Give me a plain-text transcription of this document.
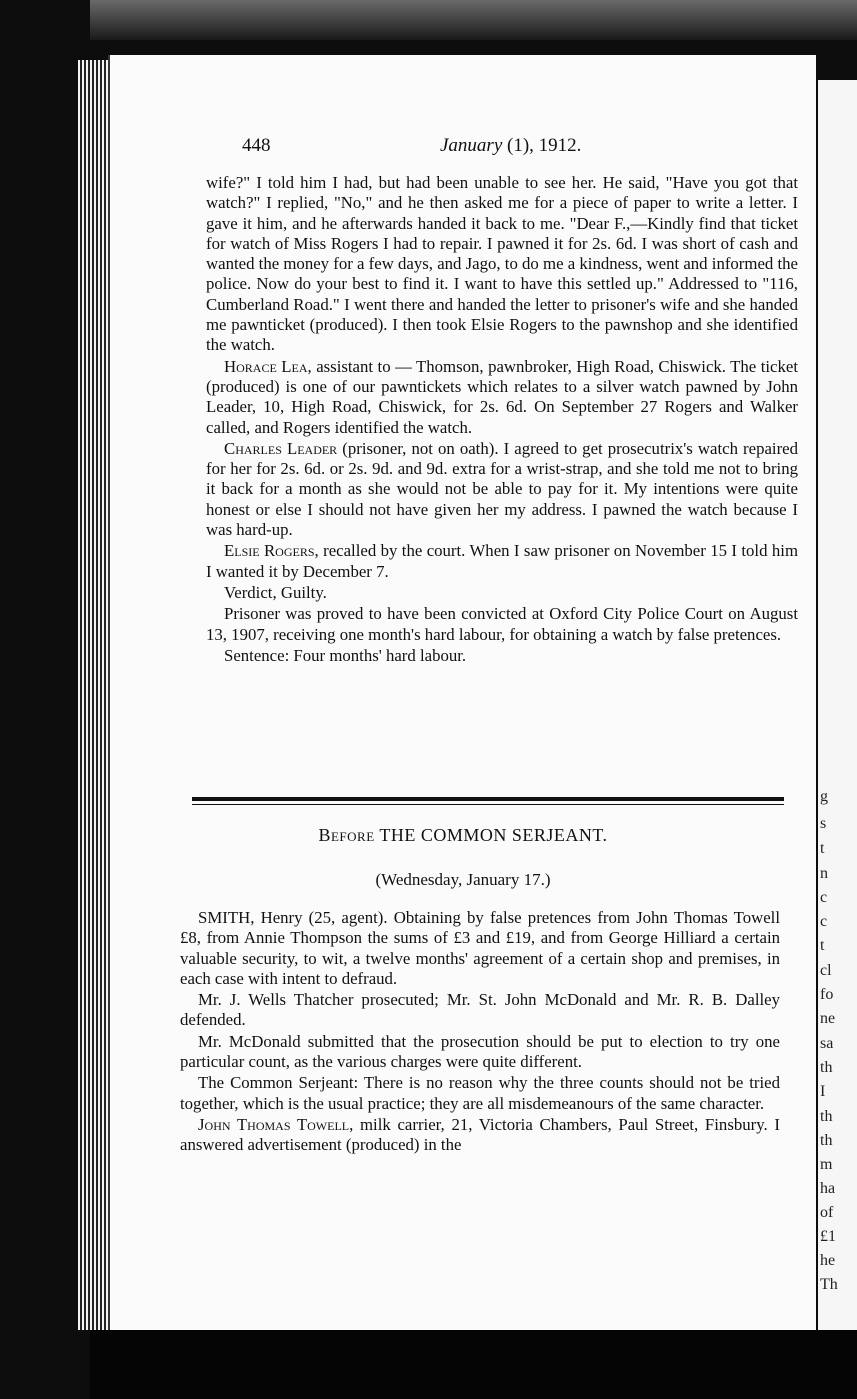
448	January (1), 1912.

wife?" I told him I had, but had been unable to see her. He said, "Have you got that watch?" I replied, "No," and he then asked me for a piece of paper to write a letter. I gave it him, and he afterwards handed it back to me. "Dear F.,—Kindly find that ticket for watch of Miss Rogers I had to repair. I pawned it for 2s. 6d. I was short of cash and wanted the money for a few days, and Jago, to do me a kindness, went and informed the police. Now do your best to find it. I want to have this settled up." Addressed to "116, Cumberland Road." I went there and handed the letter to prisoner's wife and she handed me pawnticket (produced). I then took Elsie Rogers to the pawnshop and she identified the watch.

Horace Lea, assistant to — Thomson, pawnbroker, High Road, Chiswick. The ticket (produced) is one of our pawntickets which relates to a silver watch pawned by John Leader, 10, High Road, Chiswick, for 2s. 6d. On September 27 Rogers and Walker called, and Rogers identified the watch.

Charles Leader (prisoner, not on oath). I agreed to get prosecutrix's watch repaired for her for 2s. 6d. or 2s. 9d. and 9d. extra for a wrist-strap, and she told me not to bring it back for a month as she would not be able to pay for it. My intentions were quite honest or else I should not have given her my address. I pawned the watch because I was hard-up.

Elsie Rogers, recalled by the court. When I saw prisoner on November 15 I told him I wanted it by December 7.

Verdict, Guilty.

Prisoner was proved to have been convicted at Oxford City Police Court on August 13, 1907, receiving one month's hard labour, for obtaining a watch by false pretences.

Sentence: Four months' hard labour.

Before THE COMMON SERJEANT.
(Wednesday, January 17.)

SMITH, Henry (25, agent). Obtaining by false pretences from John Thomas Towell £8, from Annie Thompson the sums of £3 and £19, and from George Hilliard a certain valuable security, to wit, a twelve months' agreement of a certain shop and premises, in each case with intent to defraud.

Mr. J. Wells Thatcher prosecuted; Mr. St. John McDonald and Mr. R. B. Dalley defended.

Mr. McDonald submitted that the prosecution should be put to election to try one particular count, as the various charges were quite different.

The Common Serjeant: There is no reason why the three counts should not be tried together, which is the usual practice; they are all misdemeanours of the same character.

John Thomas Towell, milk carrier, 21, Victoria Chambers, Paul Street, Finsbury. I answered advertisement (produced) in the

g
s
t
n
c
c
t
cl
fo
ne
sa
th
I
th
th
m
ha
of
£1
he
Th
